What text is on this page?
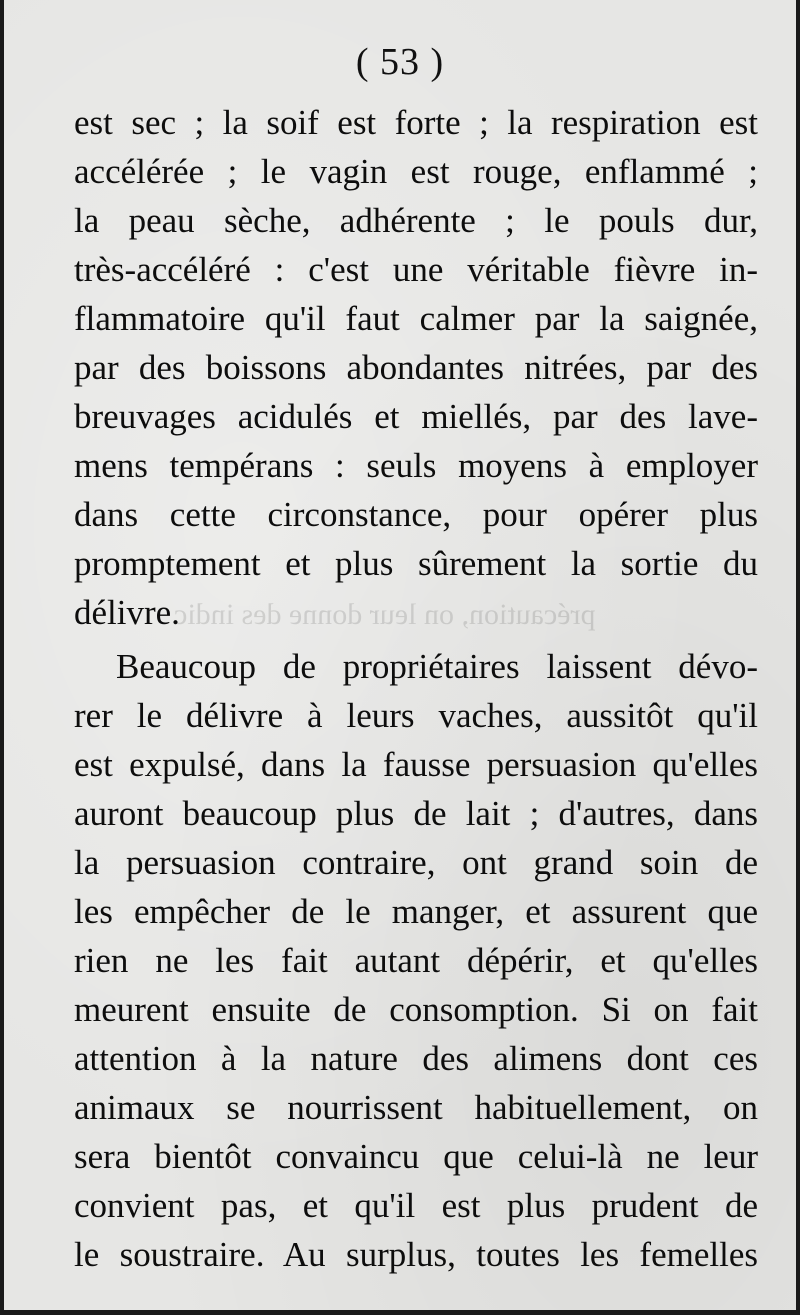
( 53 )
précaution, on leur donne des indic
est sec ; la soif est forte ; la respiration est
accélérée ; le vagin est rouge, enflammé ;
la peau sèche, adhérente ; le pouls dur,
très-accéléré : c'est une véritable fièvre in-
flammatoire qu'il faut calmer par la saignée,
par des boissons abondantes nitrées, par des
breuvages acidulés et miellés, par des lave-
mens tempérans : seuls moyens à employer
dans cette circonstance, pour opérer plus
promptement et plus sûrement la sortie du
délivre.
Beaucoup de propriétaires laissent dévo-
rer le délivre à leurs vaches, aussitôt qu'il
est expulsé, dans la fausse persuasion qu'elles
auront beaucoup plus de lait ; d'autres, dans
la persuasion contraire, ont grand soin de
les empêcher de le manger, et assurent que
rien ne les fait autant dépérir, et qu'elles
meurent ensuite de consomption. Si on fait
attention à la nature des alimens dont ces
animaux se nourrissent habituellement, on
sera bientôt convaincu que celui-là ne leur
convient pas, et qu'il est plus prudent de
le soustraire. Au surplus, toutes les femelles
